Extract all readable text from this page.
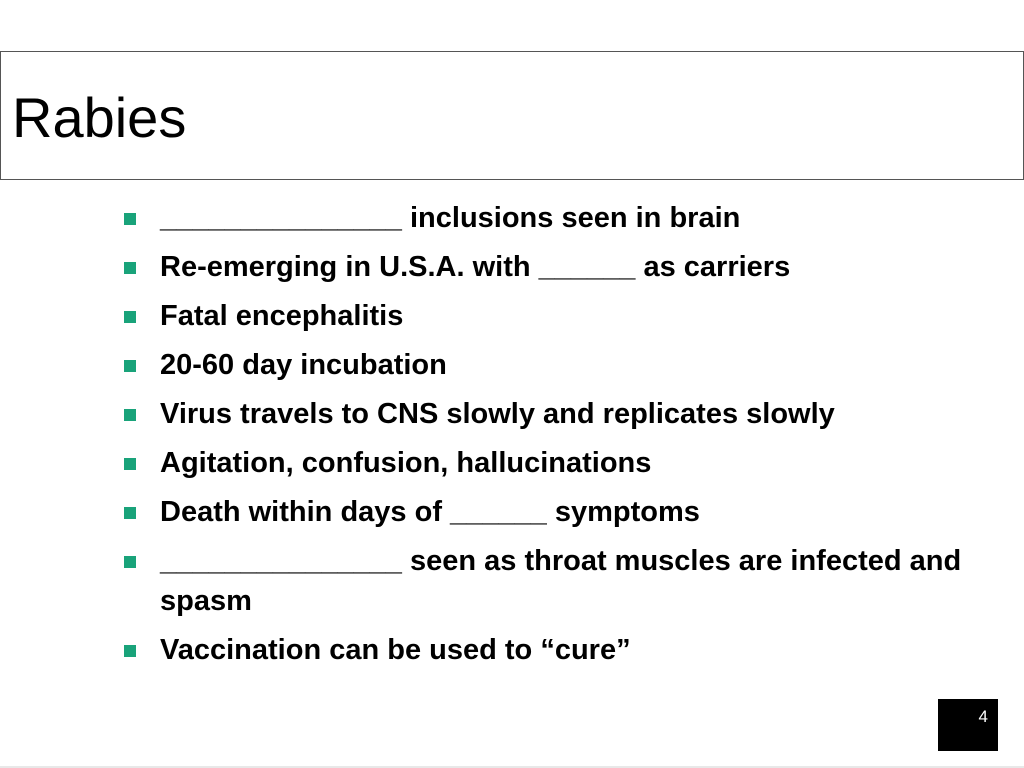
Rabies
_______________ inclusions seen in brain
Re-emerging in U.S.A. with ______ as carriers
Fatal encephalitis
20-60 day incubation
Virus travels to CNS slowly and replicates slowly
Agitation, confusion, hallucinations
Death within days of ______ symptoms
_______________ seen as throat muscles are infected and spasm
Vaccination can be used to “cure”
4
